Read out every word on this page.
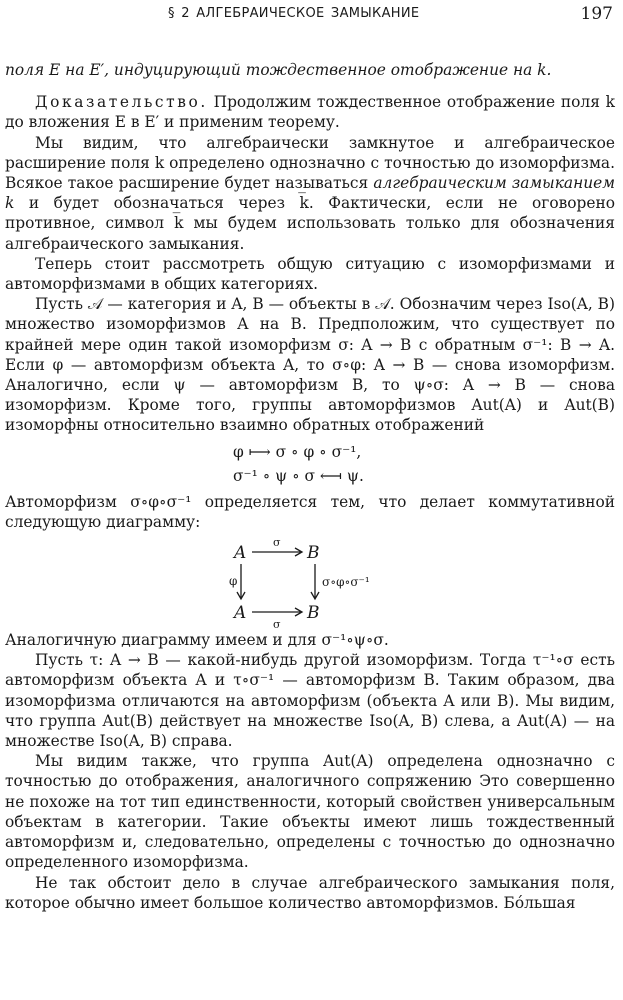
§ 2 АЛГЕБРАИЧЕСКОЕ ЗАМЫКАНИЕ	197

поля E на E′, индуцирующий тождественное отображение на k.

Доказательство. Продолжим тождественное отображение поля k до вложения E в E′ и применим теорему.

Мы видим, что алгебраически замкнутое и алгебраическое расширение поля k определено однозначно с точностью до изоморфизма. Всякое такое расширение будет называться алгебраическим замыканием k и будет обозначаться через k̅. Фактически, если не оговорено противное, символ k̅ мы будем использовать только для обозначения алгебраического замыкания.

Теперь стоит рассмотреть общую ситуацию с изоморфизмами и автоморфизмами в общих категориях.

Пусть 𝒜 — категория и A, B — объекты в 𝒜. Обозначим через Iso(A, B) множество изоморфизмов A на B. Предположим, что существует по крайней мере один такой изоморфизм σ: A → B с обратным σ⁻¹: B → A. Если φ — автоморфизм объекта A, то σ∘φ: A → B — снова изоморфизм. Аналогично, если ψ — автоморфизм B, то ψ∘σ: A → B — снова изоморфизм. Кроме того, группы автоморфизмов Aut(A) и Aut(B) изоморфны относительно взаимно обратных отображений

φ ⟼ σ ∘ φ ∘ σ⁻¹,
σ⁻¹ ∘ ψ ∘ σ ⟻ ψ.

Автоморфизм σ∘φ∘σ⁻¹ определяется тем, что делает коммутативной следующую диаграмму:

A	B
A	B
σ
σ
φ	σ∘φ∘σ⁻¹

Аналогичную диаграмму имеем и для σ⁻¹∘ψ∘σ.

Пусть τ: A → B — какой-нибудь другой изоморфизм. Тогда τ⁻¹∘σ есть автоморфизм объекта A и τ∘σ⁻¹ — автоморфизм B. Таким образом, два изоморфизма отличаются на автоморфизм (объекта A или B). Мы видим, что группа Aut(B) действует на множестве Iso(A, B) слева, а Aut(A) — на множестве Iso(A, B) справа.

Мы видим также, что группа Aut(A) определена однозначно с точностью до отображения, аналогичного сопряжению Это совершенно не похоже на тот тип единственности, который свойствен универсальным объектам в категории. Такие объекты имеют лишь тождественный автоморфизм и, следовательно, определены с точностью до однозначно определенного изоморфизма.

Не так обстоит дело в случае алгебраического замыкания поля, которое обычно имеет большое количество автоморфизмов. Бо́льшая
